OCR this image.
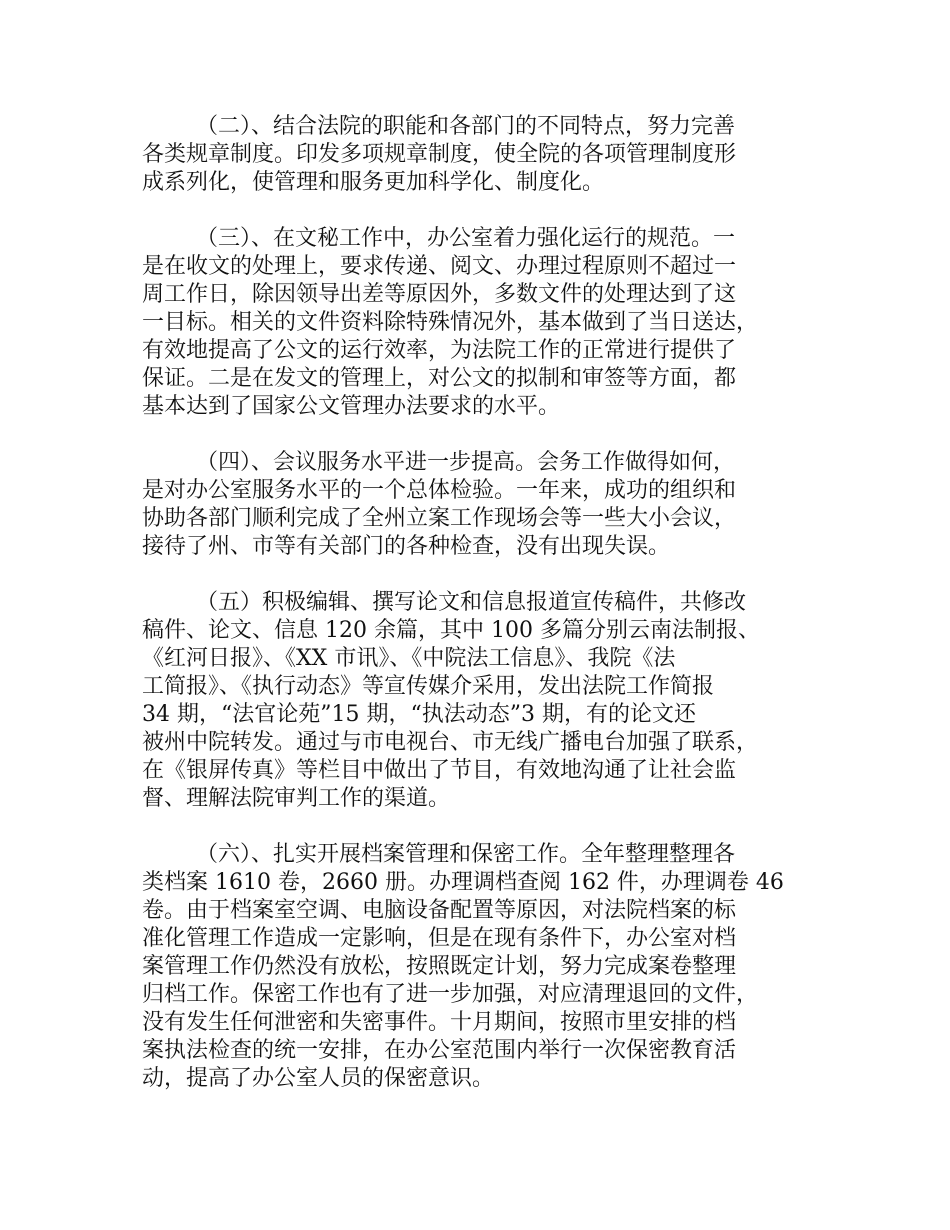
（二）、结合法院的职能和各部门的不同特点，努力完善
各类规章制度。印发多项规章制度，使全院的各项管理制度形
成系列化，使管理和服务更加科学化、制度化。
（三）、在文秘工作中，办公室着力强化运行的规范。一
是在收文的处理上，要求传递、阅文、办理过程原则不超过一
周工作日，除因领导出差等原因外，多数文件的处理达到了这
一目标。相关的文件资料除特殊情况外，基本做到了当日送达，
有效地提高了公文的运行效率，为法院工作的正常进行提供了
保证。二是在发文的管理上，对公文的拟制和审签等方面，都
基本达到了国家公文管理办法要求的水平。
（四）、会议服务水平进一步提高。会务工作做得如何，
是对办公室服务水平的一个总体检验。一年来，成功的组织和
协助各部门顺利完成了全州立案工作现场会等一些大小会议，
接待了州、市等有关部门的各种检查，没有出现失误。
（五）积极编辑、撰写论文和信息报道宣传稿件，共修改
稿件、论文、信息 120 余篇，其中 100 多篇分别云南法制报、
《红河日报》、《XX 市讯》、《中院法工信息》、我院《法
工简报》、《执行动态》等宣传媒介采用，发出法院工作简报
34 期，“法官论苑”15 期，“执法动态”3 期，有的论文还
被州中院转发。通过与市电视台、市无线广播电台加强了联系，
在《银屏传真》等栏目中做出了节目，有效地沟通了让社会监
督、理解法院审判工作的渠道。
（六）、扎实开展档案管理和保密工作。全年整理整理各
类档案 1610 卷，2660 册。办理调档查阅 162 件，办理调卷 46
卷。由于档案室空调、电脑设备配置等原因，对法院档案的标
准化管理工作造成一定影响，但是在现有条件下，办公室对档
案管理工作仍然没有放松，按照既定计划，努力完成案卷整理
归档工作。保密工作也有了进一步加强，对应清理退回的文件，
没有发生任何泄密和失密事件。十月期间，按照市里安排的档
案执法检查的统一安排，在办公室范围内举行一次保密教育活
动，提高了办公室人员的保密意识。
